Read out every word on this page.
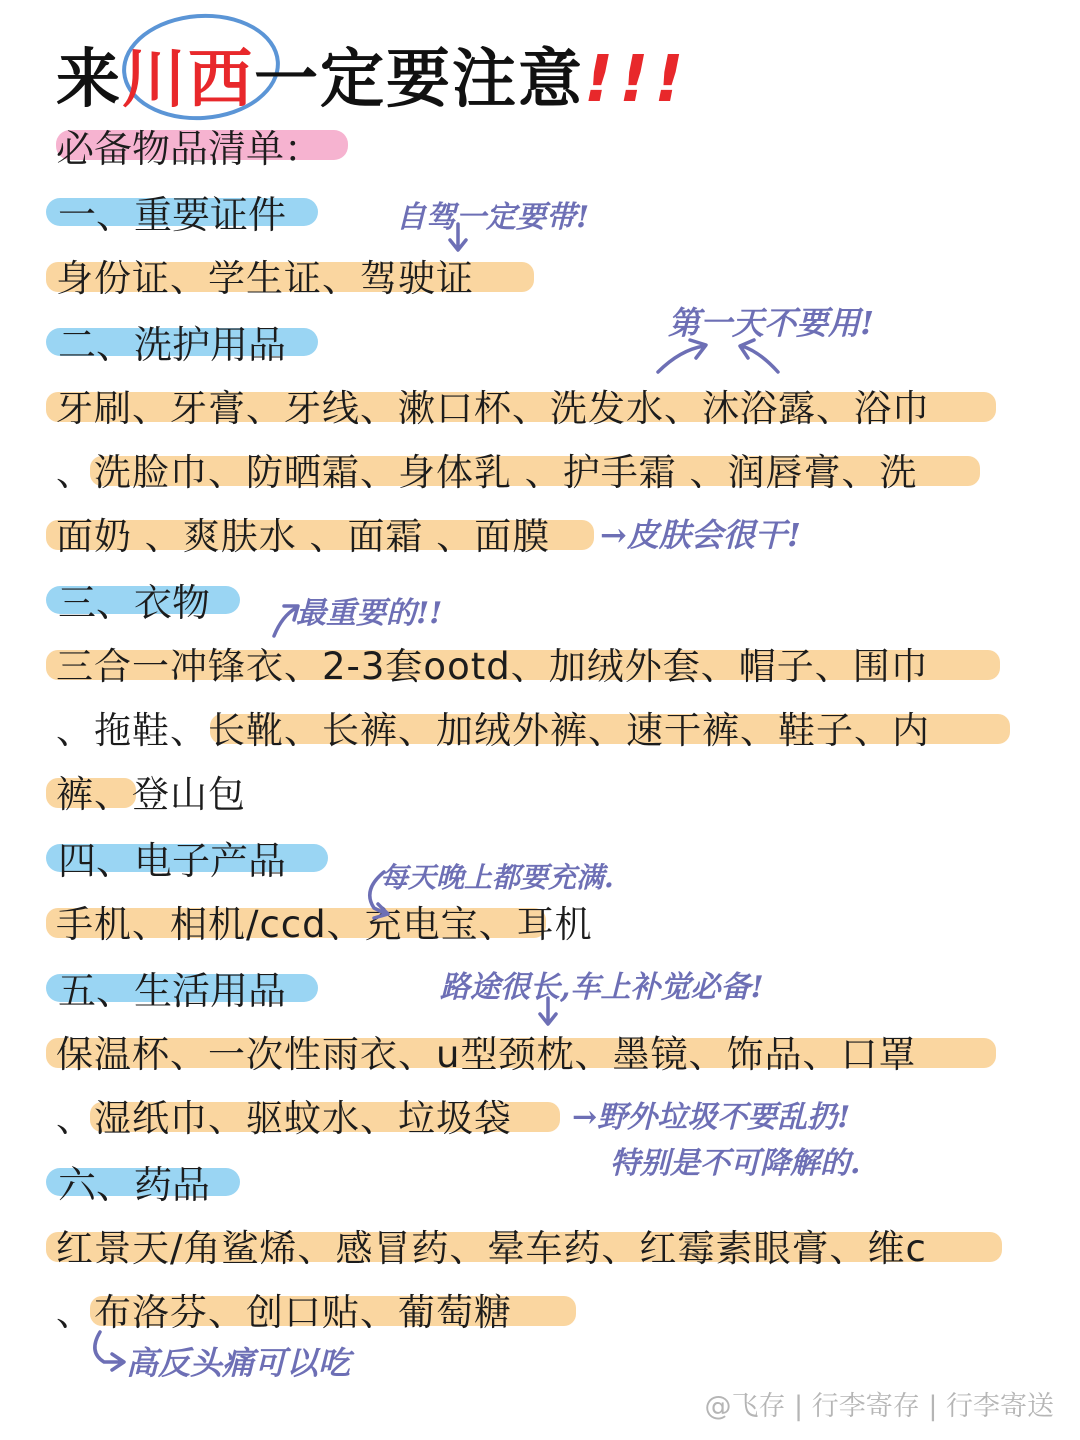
来川西一定要注意!!!
必备物品清单：
一、重要证件
身份证、学生证、驾驶证
二、洗护用品
牙刷、牙膏、牙线、漱口杯、洗发水、沐浴露、浴巾
、洗脸巾、防晒霜、身体乳 、护手霜 、润唇膏、洗
面奶 、爽肤水 、面霜 、面膜
三、衣物
三合一冲锋衣、2-3套ootd、加绒外套、帽子、围巾
、拖鞋、长靴、长裤、加绒外裤、速干裤、鞋子、内
裤、登山包
四、电子产品
手机、相机/ccd、充电宝、耳机
五、生活用品
保温杯、一次性雨衣、u型颈枕、墨镜、饰品、口罩
、湿纸巾、驱蚊水、垃圾袋
六、药品
红景天/角鲨烯、感冒药、晕车药、红霉素眼膏、维c
、布洛芬、创口贴、葡萄糖
自驾一定要带!
第一天不要用!
→皮肤会很干!
最重要的!!
每天晚上都要充满.
路途很长,车上补觉必备!
→野外垃圾不要乱扔!
特别是不可降解的.
高反头痛可以吃
@飞存 | 行李寄存 | 行李寄送
